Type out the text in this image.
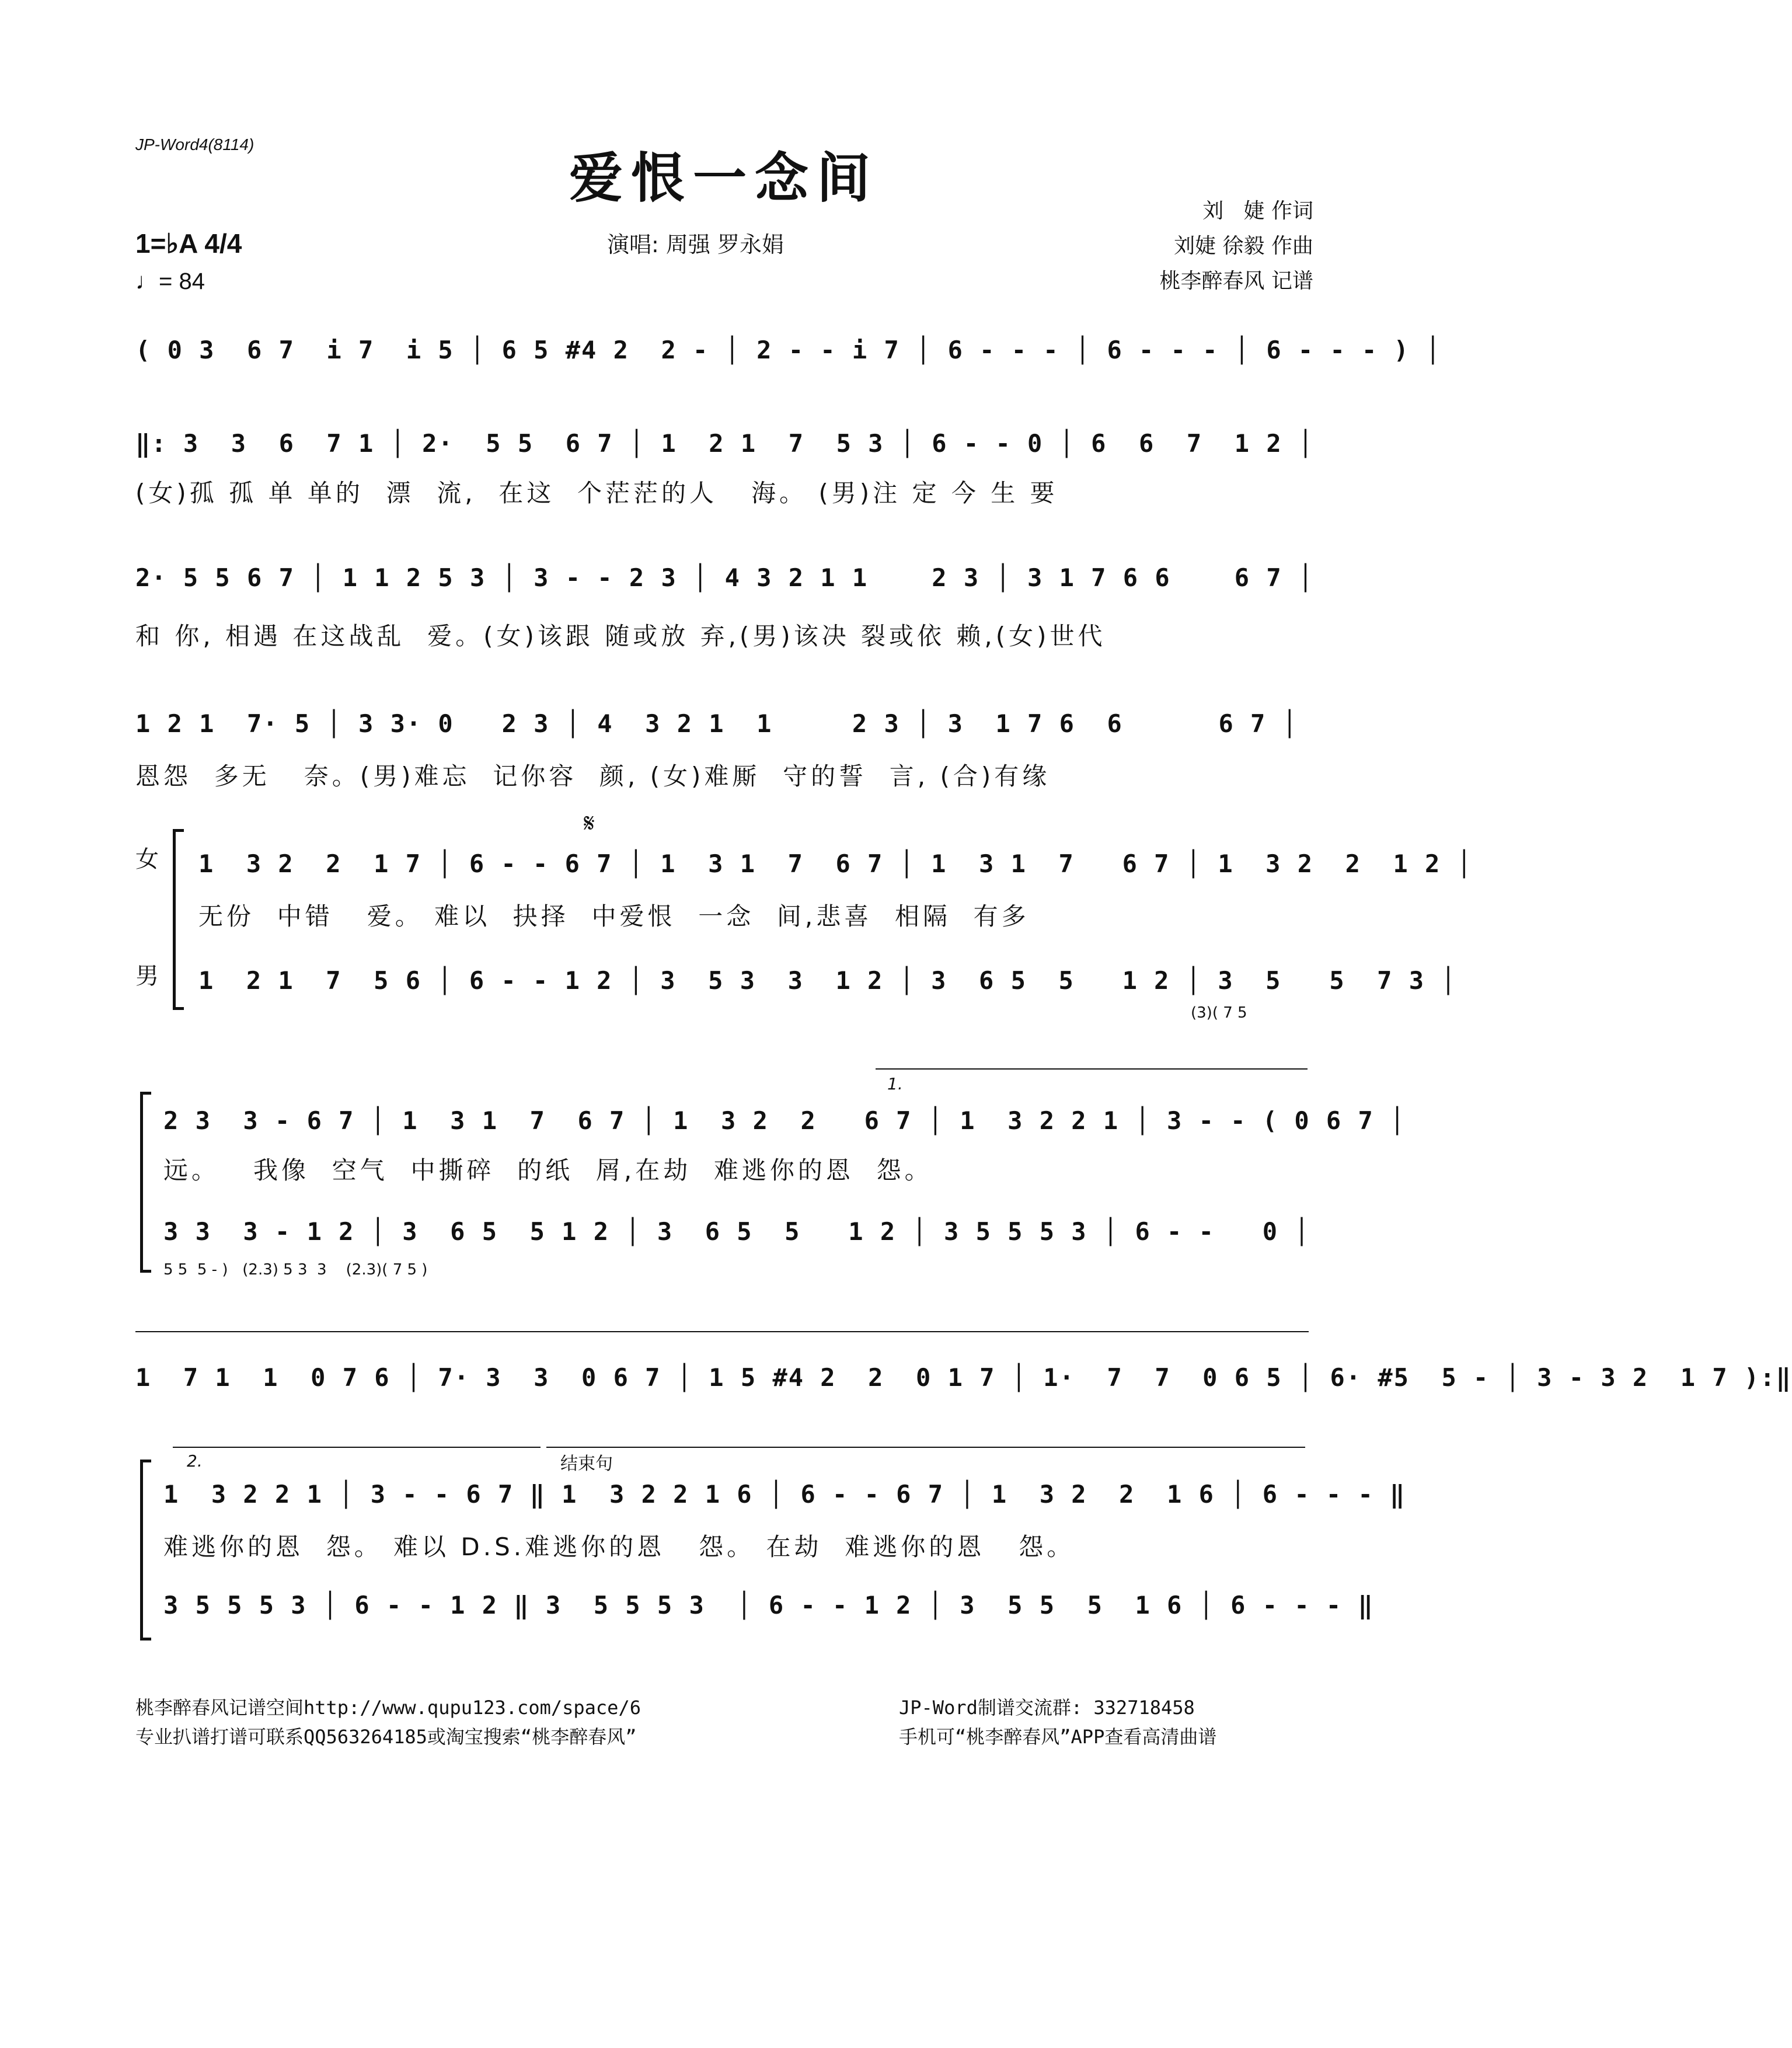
JP-Word4(8114)
爱恨一念间
刘   婕 作词
刘婕 徐毅 作曲
桃李醉春风 记谱
1=♭A 4/4
♩= 84
演唱: 周强 罗永娟
( 0 3  6 7  i 7  i 5 │ 6 5 #4 2  2 - │ 2 - - i 7 │ 6 - - - │ 6 - - - │ 6 - - - ) │
‖: 3  3  6  7 1 │ 2·  5 5  6 7 │ 1  2 1  7  5 3 │ 6 - - 0 │ 6  6  7  1 2 │
(女)孤 孤 单 单的  漂  流,  在这  个茫茫的人   海。 (男)注 定 今 生 要
2· 5 5 6 7 │ 1 1 2 5 3 │ 3 - - 2 3 │ 4 3 2 1 1    2 3 │ 3 1 7 6 6    6 7 │
和 你, 相遇 在这战乱  爱。(女)该跟 随或放 弃,(男)该决 裂或依 赖,(女)世代
1 2 1  7· 5 │ 3 3· 0   2 3 │ 4  3 2 1  1     2 3 │ 3  1 7 6  6      6 7 │
恩怨  多无   奈。(男)难忘  记你容  颜, (女)难厮  守的誓  言, (合)有缘
女
男
𝄋
1  3 2  2  1 7 │ 6 - - 6 7 │ 1  3 1  7  6 7 │ 1  3 1  7   6 7 │ 1  3 2  2  1 2 │
无份  中错   爱。 难以  抉择  中爱恨  一念  间,悲喜  相隔  有多
1  2 1  7  5 6 │ 6 - - 1 2 │ 3  5 3  3  1 2 │ 3  6 5  5   1 2 │ 3  5   5  7 3 │
(3)( 7 5
1.
2 3  3 - 6 7 │ 1  3 1  7  6 7 │ 1  3 2  2   6 7 │ 1  3 2 2 1 │ 3 - - ( 0 6 7 │
远。   我像  空气  中撕碎  的纸  屑,在劫  难逃你的恩  怨。
3 3  3 - 1 2 │ 3  6 5  5 1 2 │ 3  6 5  5   1 2 │ 3 5 5 5 3 │ 6 - -   0 │
5 5  5 - )   (2.3) 5 3  3    (2.3)( 7 5 )
1  7 1  1  0 7 6 │ 7· 3  3  0 6 7 │ 1 5 #4 2  2  0 1 7 │ 1·  7  7  0 6 5 │ 6· #5  5 - │ 3 - 3 2  1 7 ):‖
2.	结束句
1  3 2 2 1 │ 3 - - 6 7 ‖ 1  3 2 2 1 6 │ 6 - - 6 7 │ 1  3 2  2  1 6 │ 6 - - - ‖
难逃你的恩  怨。 难以 D.S.难逃你的恩   怨。 在劫  难逃你的恩   怨。
3 5 5 5 3 │ 6 - - 1 2 ‖ 3  5 5 5 3  │ 6 - - 1 2 │ 3  5 5  5  1 6 │ 6 - - - ‖
桃李醉春风记谱空间http://www.qupu123.com/space/6
专业扒谱打谱可联系QQ563264185或淘宝搜索“桃李醉春风”
JP-Word制谱交流群: 332718458
手机可“桃李醉春风”APP查看高清曲谱
